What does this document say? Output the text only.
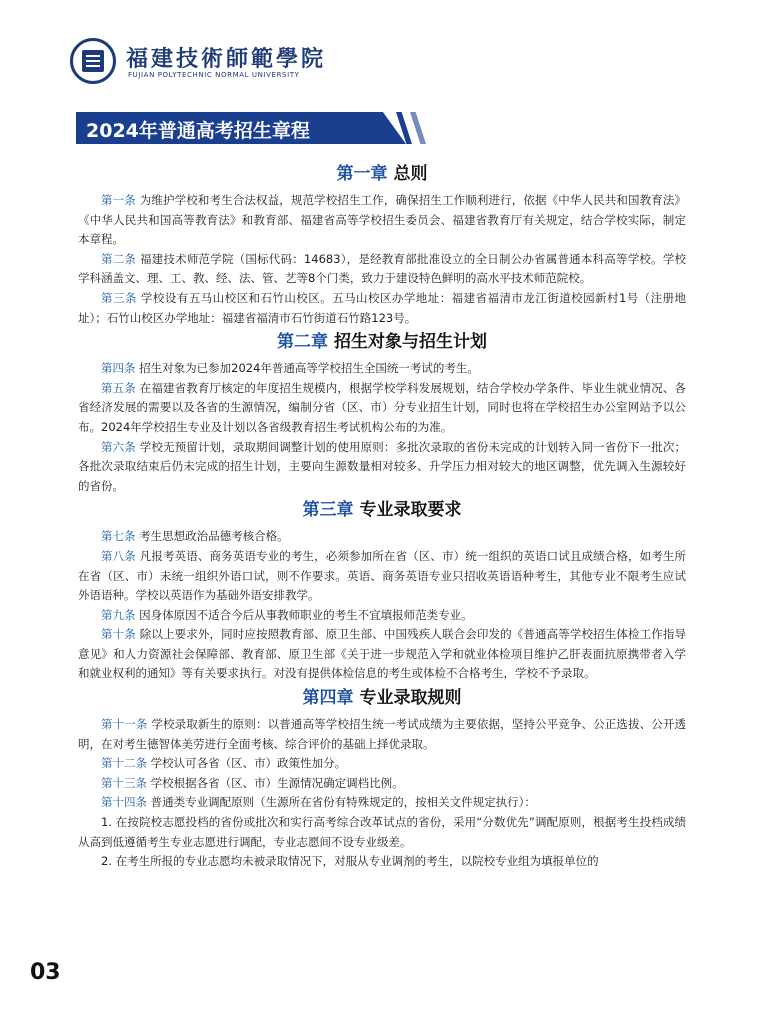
福建技術師範學院
FUJIAN POLYTECHNIC NORMAL UNIVERSITY
2024年普通高考招生章程
第一章 总则

第一条 为维护学校和考生合法权益，规范学校招生工作，确保招生工作顺利进行，依据《中华人民共和国教育法》《中华人民共和国高等教育法》和教育部、福建省高等学校招生委员会、福建省教育厅有关规定，结合学校实际，制定本章程。

第二条 福建技术师范学院（国标代码：14683），是经教育部批准设立的全日制公办省属普通本科高等学校。学校学科涵盖文、理、工、教、经、法、管、艺等8个门类，致力于建设特色鲜明的高水平技术师范院校。

第三条 学校设有五马山校区和石竹山校区。五马山校区办学地址：福建省福清市龙江街道校园新村1号（注册地址）；石竹山校区办学地址：福建省福清市石竹街道石竹路123号。

第二章 招生对象与招生计划

第四条 招生对象为已参加2024年普通高等学校招生全国统一考试的考生。

第五条 在福建省教育厅核定的年度招生规模内，根据学校学科发展规划，结合学校办学条件、毕业生就业情况、各省经济发展的需要以及各省的生源情况，编制分省（区、市）分专业招生计划，同时也将在学校招生办公室网站予以公布。2024年学校招生专业及计划以各省级教育招生考试机构公布的为准。

第六条 学校无预留计划，录取期间调整计划的使用原则：多批次录取的省份未完成的计划转入同一省份下一批次；各批次录取结束后仍未完成的招生计划，主要向生源数量相对较多、升学压力相对较大的地区调整，优先调入生源较好的省份。

第三章 专业录取要求

第七条 考生思想政治品德考核合格。

第八条 凡报考英语、商务英语专业的考生，必须参加所在省（区、市）统一组织的英语口试且成绩合格，如考生所在省（区、市）未统一组织外语口试，则不作要求。英语、商务英语专业只招收英语语种考生，其他专业不限考生应试外语语种。学校以英语作为基础外语安排教学。

第九条 因身体原因不适合今后从事教师职业的考生不宜填报师范类专业。

第十条 除以上要求外，同时应按照教育部、原卫生部、中国残疾人联合会印发的《普通高等学校招生体检工作指导意见》和人力资源社会保障部、教育部、原卫生部《关于进一步规范入学和就业体检项目维护乙肝表面抗原携带者入学和就业权利的通知》等有关要求执行。对没有提供体检信息的考生或体检不合格考生，学校不予录取。

第四章 专业录取规则

第十一条 学校录取新生的原则：以普通高等学校招生统一考试成绩为主要依据，坚持公平竞争、公正选拔、公开透明，在对考生德智体美劳进行全面考核、综合评价的基础上择优录取。

第十二条 学校认可各省（区、市）政策性加分。

第十三条 学校根据各省（区、市）生源情况确定调档比例。

第十四条 普通类专业调配原则（生源所在省份有特殊规定的，按相关文件规定执行）：

1. 在按院校志愿投档的省份或批次和实行高考综合改革试点的省份，采用“分数优先”调配原则，根据考生投档成绩从高到低遵循考生专业志愿进行调配，专业志愿间不设专业级差。

2. 在考生所报的专业志愿均未被录取情况下，对服从专业调剂的考生，以院校专业组为填报单位的

03
